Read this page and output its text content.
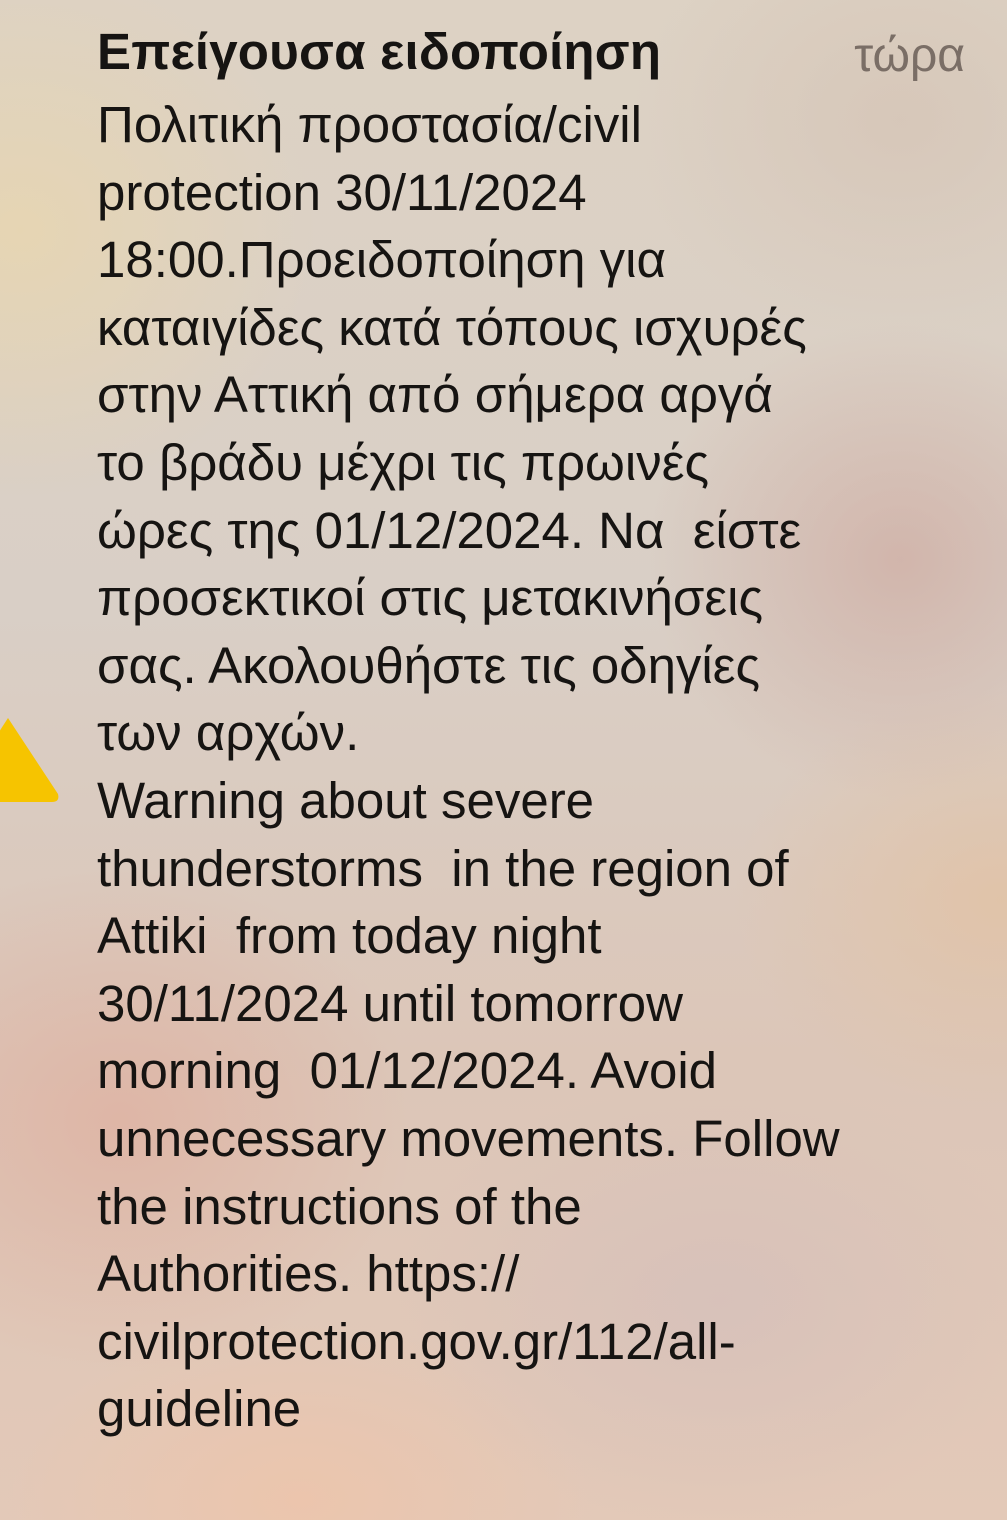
Επείγουσα ειδοποίηση	τώρα
Πολιτική προστασία/civil
protection 30/11/2024
18:00.Προειδοποίηση για
καταιγίδες κατά τόπους ισχυρές
στην Αττική από σήμερα αργά
το βράδυ μέχρι τις πρωινές
ώρες της 01/12/2024. Να  είστε
προσεκτικοί στις μετακινήσεις
σας. Ακολουθήστε τις οδηγίες
των αρχών.
Warning about severe
thunderstorms  in the region of
Attiki  from today night
30/11/2024 until tomorrow
morning  01/12/2024. Avoid
unnecessary movements. Follow
the instructions of the
Authorities. https://
civilprotection.gov.gr/112/all-
guideline
